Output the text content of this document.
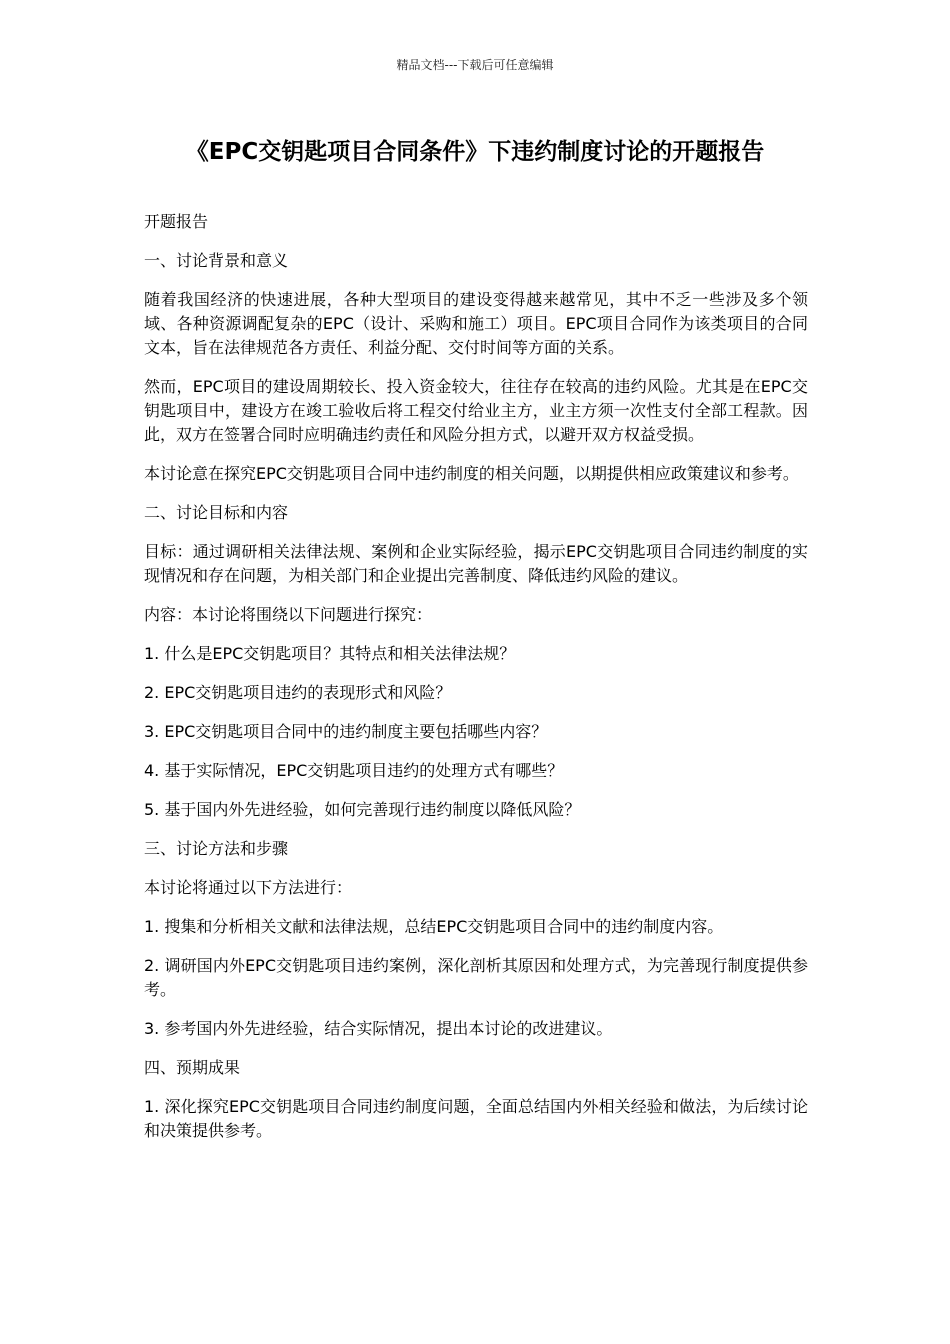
精品文档---下载后可任意编辑
《EPC交钥匙项目合同条件》下违约制度讨论的开题报告

开题报告

一、讨论背景和意义

随着我国经济的快速进展，各种大型项目的建设变得越来越常见，其中不乏一些涉及多个领域、各种资源调配复杂的EPC（设计、采购和施工）项目。EPC项目合同作为该类项目的合同文本，旨在法律规范各方责任、利益分配、交付时间等方面的关系。

然而，EPC项目的建设周期较长、投入资金较大，往往存在较高的违约风险。尤其是在EPC交钥匙项目中，建设方在竣工验收后将工程交付给业主方，业主方须一次性支付全部工程款。因此，双方在签署合同时应明确违约责任和风险分担方式，以避开双方权益受损。

本讨论意在探究EPC交钥匙项目合同中违约制度的相关问题，以期提供相应政策建议和参考。

二、讨论目标和内容

目标：通过调研相关法律法规、案例和企业实际经验，揭示EPC交钥匙项目合同违约制度的实现情况和存在问题，为相关部门和企业提出完善制度、降低违约风险的建议。

内容：本讨论将围绕以下问题进行探究：

1. 什么是EPC交钥匙项目？其特点和相关法律法规？

2. EPC交钥匙项目违约的表现形式和风险？

3. EPC交钥匙项目合同中的违约制度主要包括哪些内容？

4. 基于实际情况，EPC交钥匙项目违约的处理方式有哪些？

5. 基于国内外先进经验，如何完善现行违约制度以降低风险？

三、讨论方法和步骤

本讨论将通过以下方法进行：

1. 搜集和分析相关文献和法律法规，总结EPC交钥匙项目合同中的违约制度内容。

2. 调研国内外EPC交钥匙项目违约案例，深化剖析其原因和处理方式，为完善现行制度提供参考。

3. 参考国内外先进经验，结合实际情况，提出本讨论的改进建议。

四、预期成果

1. 深化探究EPC交钥匙项目合同违约制度问题，全面总结国内外相关经验和做法，为后续讨论和决策提供参考。
